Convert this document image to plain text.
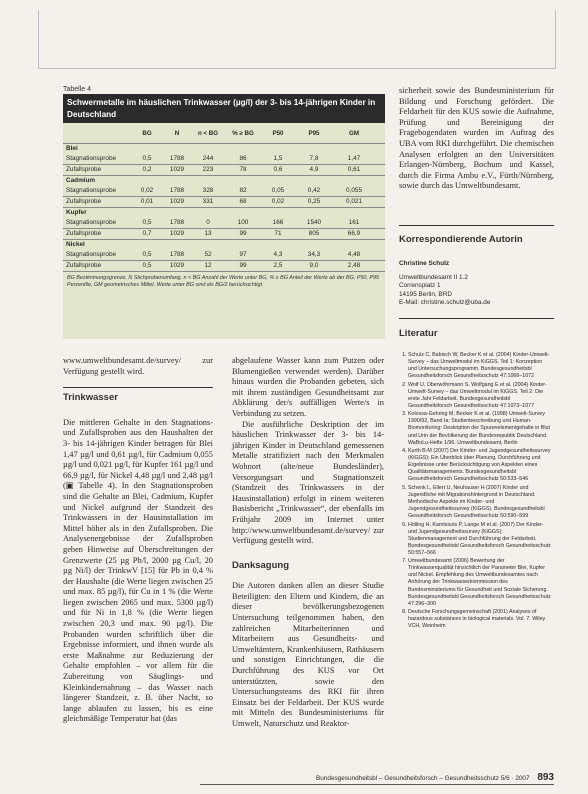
Tabelle 4
Schwermetalle im häuslichen Trinkwasser (µg/l) der 3- bis 14-jährigen Kinder in Deutschland
BG	N	n < BG	% ≥ BG	P50	P95	GM
Blei
Stagnationsprobe	0,5	1788	244	86	1,5	7,8	1,47
Zufallsprobe	0,2	1029	223	78	0,6	4,9	0,61
Cadmium
Stagnationsprobe	0,02	1788	328	82	0,05	0,42	0,055
Zufallsprobe	0,01	1029	331	68	0,02	0,25	0,021
Kupfer
Stagnationsprobe	0,5	1788	0	100	166	1540	161
Zufallsprobe	0,7	1029	13	99	71	805	66,9
Nickel
Stagnationsprobe	0,5	1788	52	97	4,3	34,3	4,48
Zufallsprobe	0,5	1029	12	99	2,5	9,0	2,48
BG Bestimmungsgrenze, N Stichprobenumfang, n < BG Anzahl der Werte unter BG, % ≥ BG Anteil der Werte ab der BG, P50, P95 Perzentile, GM geometrisches Mittel, Werte unter BG sind als BG/2 berücksichtigt.

www.umweltbundesamt.de/survey/ zur Verfügung gestellt wird.

Trinkwasser

Die mittleren Gehalte in den Stagnations- und Zufallsproben aus den Haushalten der 3- bis 14-jährigen Kinder betragen für Blei 1,47 µg/l und 0,61 µg/l, für Cadmium 0,055 µg/l und 0,021 µg/l, für Kupfer 161 µg/l und 66,9 µg/l, für Nickel 4,48 µg/l und 2,48 µg/l (▣ Tabelle 4). In den Stagnationsproben sind die Gehalte an Blei, Cadmium, Kupfer und Nickel aufgrund der Standzeit des Trinkwassers in der Hausinstallation im Mittel höher als in den Zufallsproben. Die Analysenergebnisse der Zufallsproben geben Hinweise auf Überschreitungen der Grenzwerte (25 µg Pb/l, 2000 µg Cu/l, 20 µg Ni/l) der TrinkwV [15] für Pb in 0,4 % der Haushalte (die Werte liegen zwischen 25 und max. 85 µg/l), für Cu in 1 % (die Werte liegen zwischen 2065 und max. 5300 µg/l) und für Ni in 1,8 % (die Werte liegen zwischen 20,3 und max. 90 µg/l). Die Probanden wurden schriftlich über die Ergebnisse informiert, und ihnen wurde als erste Maßnahme zur Reduzierung der Gehalte empfohlen – vor allem für die Zubereitung von Säuglings- und Kleinkindernahrung – das Wasser nach längerer Standzeit, z. B. über Nacht, so lange ablaufen zu lassen, bis es eine gleichmäßige Temperatur hat (das

abgelaufene Wasser kann zum Putzen oder Blumengießen verwendet werden). Darüber hinaus wurden die Probanden gebeten, sich mit ihrem zuständigen Gesundheitsamt zur Abklärung der/s auffälligen Werte/s in Verbindung zu setzen.

Die ausführliche Deskription der im häuslichen Trinkwasser der 3- bis 14-jährigen Kinder in Deutschland gemessenen Metalle stratifiziert nach den Merkmalen Wohnort (alte/neue Bundesländer), Versorgungsart und Stagnationszeit (Standzeit des Trinkwassers in der Hausinstallation) erfolgt in einem weiteren Basisbericht „Trinkwasser“, der ebenfalls im Frühjahr 2009 im Internet unter http://www.umweltbundesamt.de/survey/ zur Verfügung gestellt wird.

Danksagung

Die Autoren danken allen an dieser Studie Beteiligten: den Eltern und Kindern, die an dieser bevölkerungsbezogenen Untersuchung teilgenommen haben, den zahlreichen Mitarbeiterinnen und Mitarbeitern aus Gesundheits- und Umweltämtern, Krankenhäusern, Rathäusern und sonstigen Einrichtungen, die die Durchführung des KUS vor Ort unterstützten, sowie den Untersuchungsteams des RKI für ihren Einsatz bei der Feldarbeit. Der KUS wurde mit Mitteln des Bundesministeriums für Umwelt, Naturschutz und Reaktor-

sicherheit sowie des Bundesministerium für Bildung und Forschung gefördert. Die Feldarbeit für den KUS sowie die Aufnahme, Prüfung und Bereinigung der Fragebogendaten wurden im Auftrag des UBA vom RKI durchgeführt. Die chemischen Analysen erfolgten an den Universitäten Erlangen-Nürnberg, Bochum und Kassel, durch die Firma Ambu e.V., Fürth/Nürnberg, sowie durch das Umweltbundesamt.

Korrespondierende Autorin
Christine Schulz
Umweltbundesamt II 1.2
Corrensplatz 1
14195 Berlin, BRD
E-Mail: christine.schulz@uba.de
Literatur
1. Schulz C, Babisch W, Becker K et al. (2004) Kinder-Umwelt-Survey – das Umweltmodul im KiGGS. Teil 1: Konzeption und Untersuchungsprogramm. Bundesgesundheitsbl Gesundheitsforsch Gesundheitsschutz 47:1066–1072
2. Wolf U, Oberwöhrmann S, Wolfgang E et al. (2004) Kinder-Umwelt-Survey – das Umweltmodul im KiGGS. Teil 2: Die erste Jahr Feldarbeit. Bundesgesundheitsbl Gesundheitsforsch Gesundheitsschutz 47:1073–1077
3. Kolossa-Gehring M, Becker K et al. (1998) Umwelt-Survey 1990/92, Band Ia: Studienbeschreibung und Human-Biomonitoring: Deskription der Spurenelementgehalte in Blut und Urin der Bevölkerung der Bundesrepublik Deutschland. WaBoLu-Hefte 1/96. Umweltbundesamt, Berlin
4. Kurth B-M (2007) Der Kinder- und Jugendgesundheitssurvey (KiGGS): Ein Überblick über Planung, Durchführung und Ergebnisse unter Berücksichtigung von Aspekten eines Qualitätsmanagements. Bundesgesundheitsbl Gesundheitsforsch Gesundheitsschutz 50:533–546
5. Schenk L, Ellert U, Neuhauser H (2007) Kinder und Jugendliche mit Migrationshintergrund in Deutschland. Methodische Aspekte im Kinder- und Jugendgesundheitssurvey (KiGGS). Bundesgesundheitsbl Gesundheitsforsch Gesundheitsschutz 50:590–599
6. Hölling H, Kamtsiuris P, Lange M et al. (2007) Der Kinder- und Jugendgesundheitssurvey (KiGGS): Studienmanagement und Durchführung der Feldarbeit. Bundesgesundheitsbl Gesundheitsforsch Gesundheitsschutz 50:557–566
7. Umweltbundesamt (2006) Bewertung der Trinkwasserqualität hinsichtlich der Parameter Blei, Kupfer und Nickel. Empfehlung des Umweltbundesamtes nach Anhörung der Trinkwasserkommission des Bundesministeriums für Gesundheit und Soziale Sicherung. Bundesgesundheitsbl Gesundheitsforsch Gesundheitsschutz 47:296–300
8. Deutsche Forschungsgemeinschaft (2001) Analyses of hazardous substances in biological materials. Vol. 7. Wiley VCH, Weinheim
Bundesgesundheitsbl – Gesundheitsforsch – Gesundheitsschutz 5/6 · 2007 893
